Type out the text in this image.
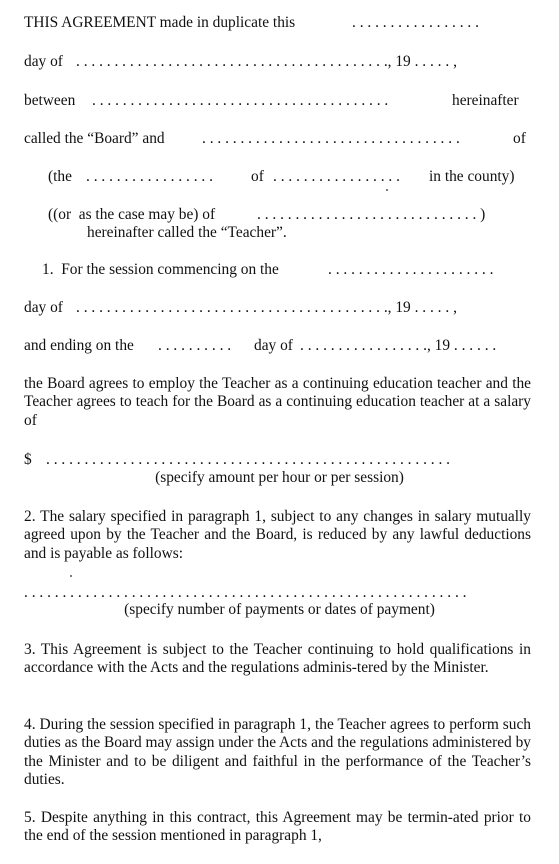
THIS AGREEMENT made in duplicate this

	. . . . . . . . . . . . . . . . .

day of

. . . . . . . . . . . . . . . . . . . . . . . . . . . . . . . . . . . . . . . . ., 19 . . . . . ,

between

. . . . . . . . . . . . . . . . . . . . . . . . . . . . . . . . . . . . . . .

	hereinafter

called the “Board” and

. . . . . . . . . . . . . . . . . . . . . . . . . . . . . . . . . .

	of

(the

. . . . . . . . . . . . . . . . .

of

. . . . . . . . . . . . . . . . .

in the county)

((or  as the case may be) of

	. . . . . . . . . . . . . . . . . . . . . . . . . . . . . )

hereinafter called the “Teacher”.

1.  For the session commencing on the

	. . . . . . . . . . . . . . . . . . . . . .

day of

. . . . . . . . . . . . . . . . . . . . . . . . . . . . . . . . . . . . . . . . ., 19 . . . . . ,

and ending on the

. . . . . . . . . .

day of

. . . . . . . . . . . . . . . . ., 19 . . . . . .

the Board agrees to employ the Teacher as a continuing education teacher and the Teacher agrees to teach for the Board as a continuing education teacher at a salary of

$

. . . . . . . . . . . . . . . . . . . . . . . . . . . . . . . . . . . . . . . . . . . . . . . . . . . . .

(specify amount per hour or per session)
2. The salary specified in paragraph 1, subject to any changes in salary mutually agreed upon by the Teacher and the Board, is reduced by any lawful deductions and is payable as follows:

. . . . . . . . . . . . . . . . . . . . . . . . . . . . . . . . . . . . . . . . . . . . . . . . . . . . . . . . . .

(specify number of payments or dates of payment)
3. This Agreement is subject to the Teacher continuing to hold qualifications in accordance with the Acts and the regulations adminis-tered by the Minister.
4. During the session specified in paragraph 1, the Teacher agrees to perform such duties as the Board may assign under the Acts and the regulations administered by the Minister and to be diligent and faithful in the performance of the Teacher’s duties.
5. Despite anything in this contract, this Agreement may be termin-ated prior to the end of the session mentioned in paragraph 1,
